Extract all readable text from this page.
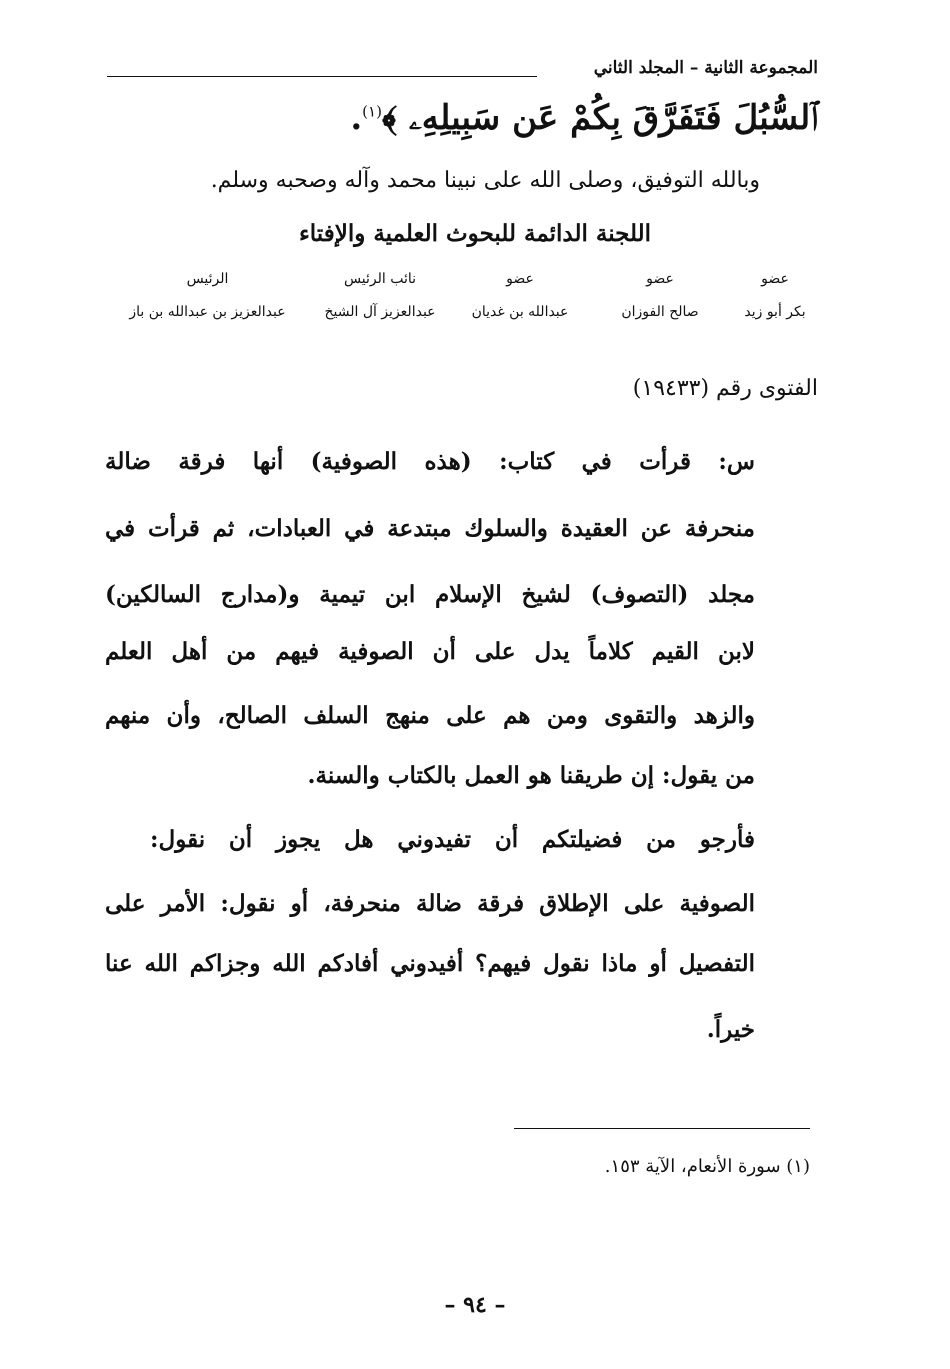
المجموعة الثانية – المجلد الثاني
ٱلسُّبُلَ فَتَفَرَّقَ بِكُمْ عَن سَبِيلِهِۦ ﴾$^{(١)}$.
وبالله التوفيق، وصلى الله على نبينا محمد وآله وصحبه وسلم.
اللجنة الدائمة للبحوث العلمية والإفتاء
عضو
بكر أبو زيد
عضو
صالح الفوزان
عضو
عبدالله بن غديان
نائب الرئيس
عبدالعزيز آل الشيخ
الرئيس
عبدالعزيز بن عبدالله بن باز
الفتوى رقم (١٩٤٣٣)
س: قرأت في كتاب: (هذه الصوفية) أنها فرقة ضالة
منحرفة عن العقيدة والسلوك مبتدعة في العبادات، ثم قرأت في
مجلد (التصوف) لشيخ الإسلام ابن تيمية و(مدارج السالكين)
لابن القيم كلاماً يدل على أن الصوفية فيهم من أهل العلم
والزهد والتقوى ومن هم على منهج السلف الصالح، وأن منهم
من يقول: إن طريقنا هو العمل بالكتاب والسنة.
فأرجو من فضيلتكم أن تفيدوني هل يجوز أن نقول:
الصوفية على الإطلاق فرقة ضالة منحرفة، أو نقول: الأمر على
التفصيل أو ماذا نقول فيهم؟ أفيدوني أفادكم الله وجزاكم الله عنا
خيراً.
(١) سورة الأنعام، الآية ١٥٣.
– ٩٤ –
